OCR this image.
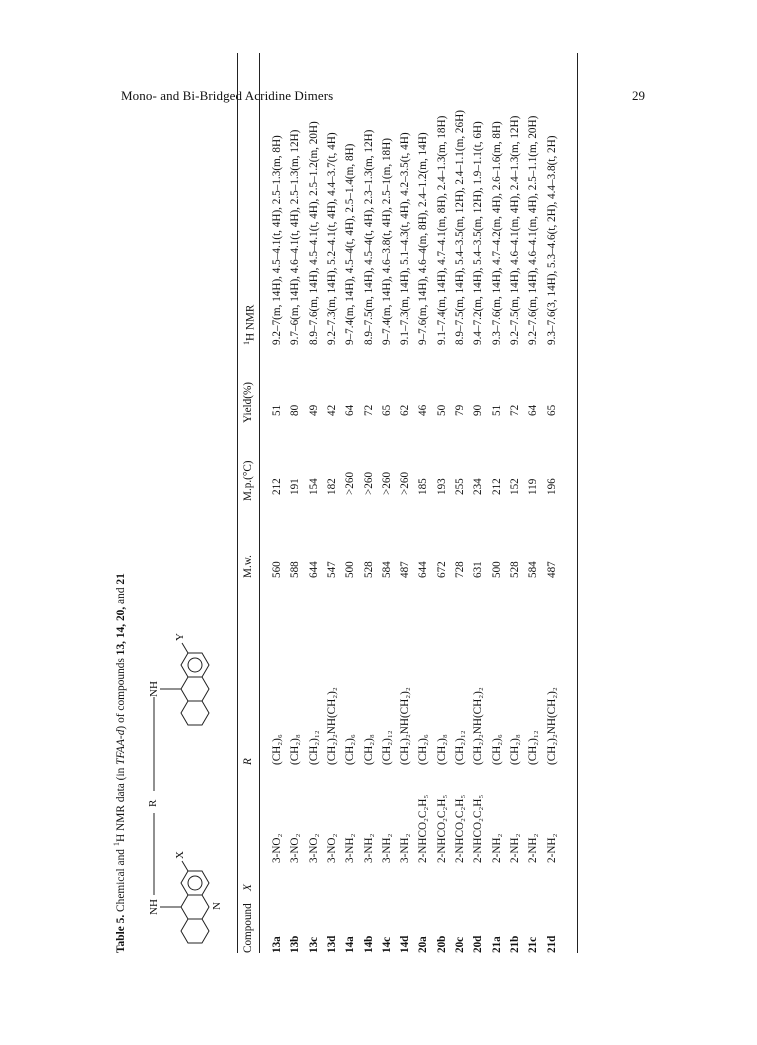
Mono- and Bi-Bridged Acridine Dimers	29
Table 5. Chemical and $^1$H NMR data (in TFAA-d) of compounds 13, 14, 20, and 21
NH
R
NH
X
Y
N Compound
X
R
M.w.
M.p.(°C)
Yield(%)
$^1$H NMR
13a
3-NO₂
(CH₂)₆
560
212
51
9.2–7(m, 14H), 4.5–4.1(t, 4H), 2.5–1.3(m, 8H)
13b
3-NO₂
(CH₂)₈
588
191
80
9.7–6(m, 14H), 4.6–4.1(t, 4H), 2.5–1.3(m, 12H)
13c
3-NO₂
(CH₂)₁₂
644
154
49
8.9–7.6(m, 14H), 4.5–4.1(t, 4H), 2.5–1.2(m, 20H)
13d
3-NO₂
(CH₂)₂NH(CH₂)₂
547
182
42
9.2–7.3(m, 14H), 5.2–4.1(t, 4H), 4.4–3.7(t, 4H)
14a
3-NH₂
(CH₂)₆
500
>260
64
9–7.4(m, 14H), 4.5–4(t, 4H), 2.5–1.4(m, 8H)
14b
3-NH₂
(CH₂)₈
528
>260
72
8.9–7.5(m, 14H), 4.5–4(t, 4H), 2.3–1.3(m, 12H)
14c
3-NH₂
(CH₂)₁₂
584
>260
65
9–7.4(m, 14H), 4.6–3.8(t, 4H), 2.5–1(m, 18H)
14d
3-NH₂
(CH₂)₂NH(CH₂)₂
487
>260
62
9.1–7.3(m, 14H), 5.1–4.3(t, 4H), 4.2–3.5(t, 4H)
20a
2-NHCO₂C₂H₅
(CH₂)₆
644
185
46
9–7.6(m, 14H), 4.6–4(m, 8H), 2.4–1.2(m, 14H)
20b
2-NHCO₂C₂H₅
(CH₂)₈
672
193
50
9.1–7.4(m, 14H), 4.7–4.1(m, 8H), 2.4–1.3(m, 18H)
20c
2-NHCO₂C₂H₅
(CH₂)₁₂
728
255
79
8.9–7.5(m, 14H), 5.4–3.5(m, 12H), 2.4–1.1(m, 26H)
20d
2-NHCO₂C₂H₅
(CH₂)₂NH(CH₂)₂
631
234
90
9.4–7.2(m, 14H), 5.4–3.5(m, 12H), 1.9–1.1(t, 6H)
21a
2-NH₂
(CH₂)₆
500
212
51
9.3–7.6(m, 14H), 4.7–4.2(m, 4H), 2.6–1.6(m, 8H)
21b
2-NH₂
(CH₂)₈
528
152
72
9.2–7.5(m, 14H), 4.6–4.1(m, 4H), 2.4–1.3(m, 12H)
21c
2-NH₂
(CH₂)₁₂
584
119
64
9.2–7.6(m, 14H), 4.6–4.1(m, 4H), 2.5–1.1(m, 20H)
21d
2-NH₂
(CH₂)₂NH(CH₂)₂
487
196
65
9.3–7.6(3, 14H), 5.3–4.6(t, 2H), 4.4–3.8(t, 2H)
